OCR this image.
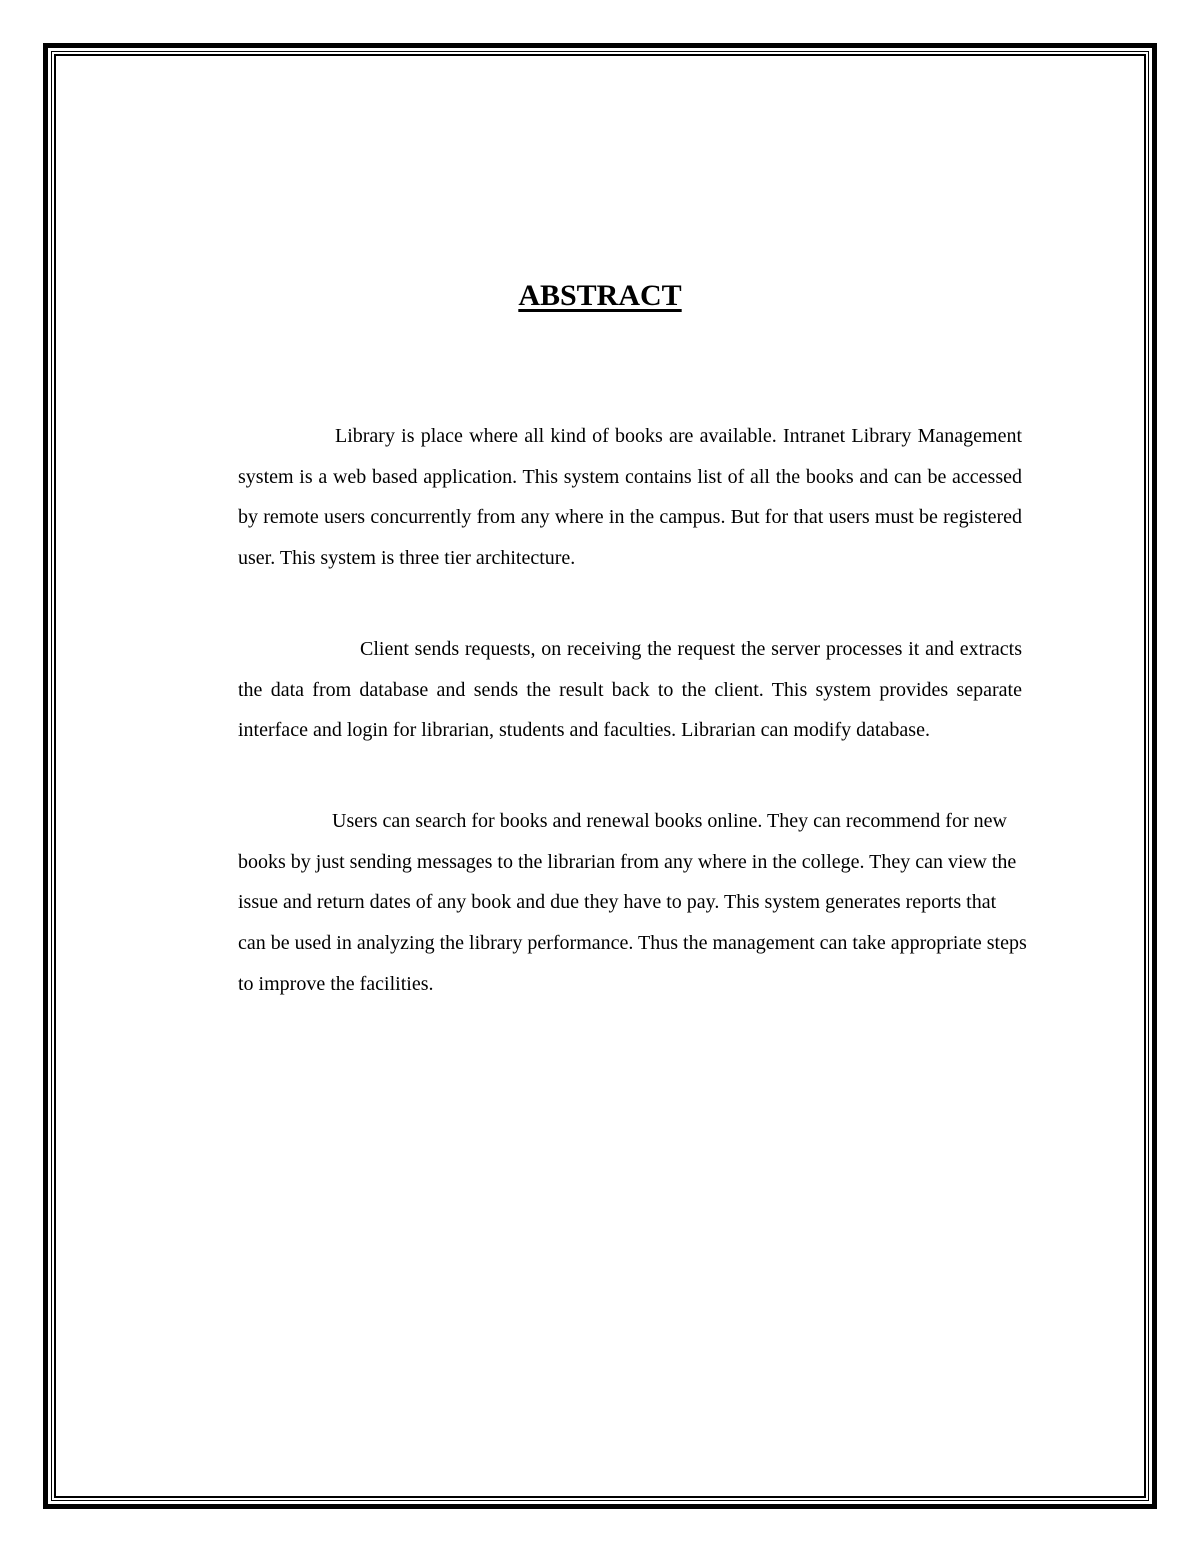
ABSTRACT

Library is place where all kind of books are available. Intranet Library Management system is a web based application. This system contains list of all the books and can be accessed by remote users concurrently from any where in the campus. But for that users must be registered user. This system is three tier architecture.

Client sends requests, on receiving the request the server processes it and extracts the data from database and sends the result back to the client. This system provides separate interface and login for librarian, students and faculties. Librarian can modify database.

Users can search for books and renewal books online. They can recommend for new books by just sending messages to the librarian from any where in the college. They can view the issue and return dates of any book and due they have to pay. This system generates reports that can be used in analyzing the library performance. Thus the management can take appropriate steps to improve the facilities.
